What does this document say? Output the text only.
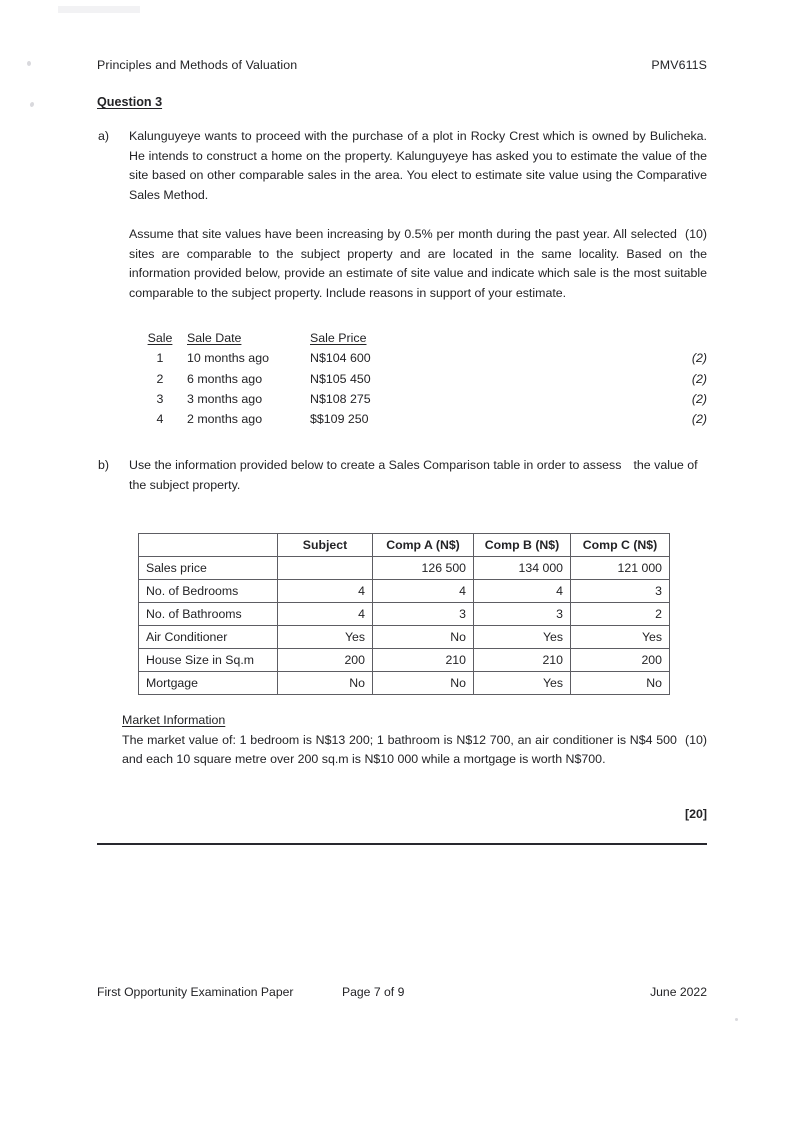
Principles and Methods of Valuation	PMV611S
Question 3
a)	Kalunguyeye wants to proceed with the purchase of a plot in Rocky Crest which is owned by Bulicheka. He intends to construct a home on the property. Kalunguyeye has asked you to estimate the value of the site based on other comparable sales in the area. You elect to estimate site value using the Comparative Sales Method.

(10)
Assume that site values have been increasing by 0.5% per month during the past year. All selected sites are comparable to the subject property and are located in the same locality. Based on the information provided below, provide an estimate of site value and indicate which sale is the most suitable comparable to the subject property. Include reasons in support of your estimate.

Sale	Sale Date	Sale Price
1	10 months ago	N$104 600	(2)
2	6 months ago	N$105 450	(2)
3	3 months ago	N$108 275	(2)
4	2 months ago	$$109 250	(2)
b)	Use the information provided below to create a Sales Comparison table in order to assess the value of the subject property.

	Subject	Comp A (N$)	Comp B (N$)	Comp C (N$)
Sales price		126 500	134 000	121 000
No. of Bedrooms	4	4	4	3
No. of Bathrooms	4	3	3	2
Air Conditioner	Yes	No	Yes	Yes
House Size in Sq.m	200	210	210	200
Mortgage	No	No	Yes	No
Market Information

(10)
The market value of: 1 bedroom is N$13 200; 1 bathroom is N$12 700, an air conditioner is N$4 500 and each 10 square metre over 200 sq.m is N$10 000 while a mortgage is worth N$700.

[20]
First Opportunity Examination Paper	Page 7 of 9	June 2022
